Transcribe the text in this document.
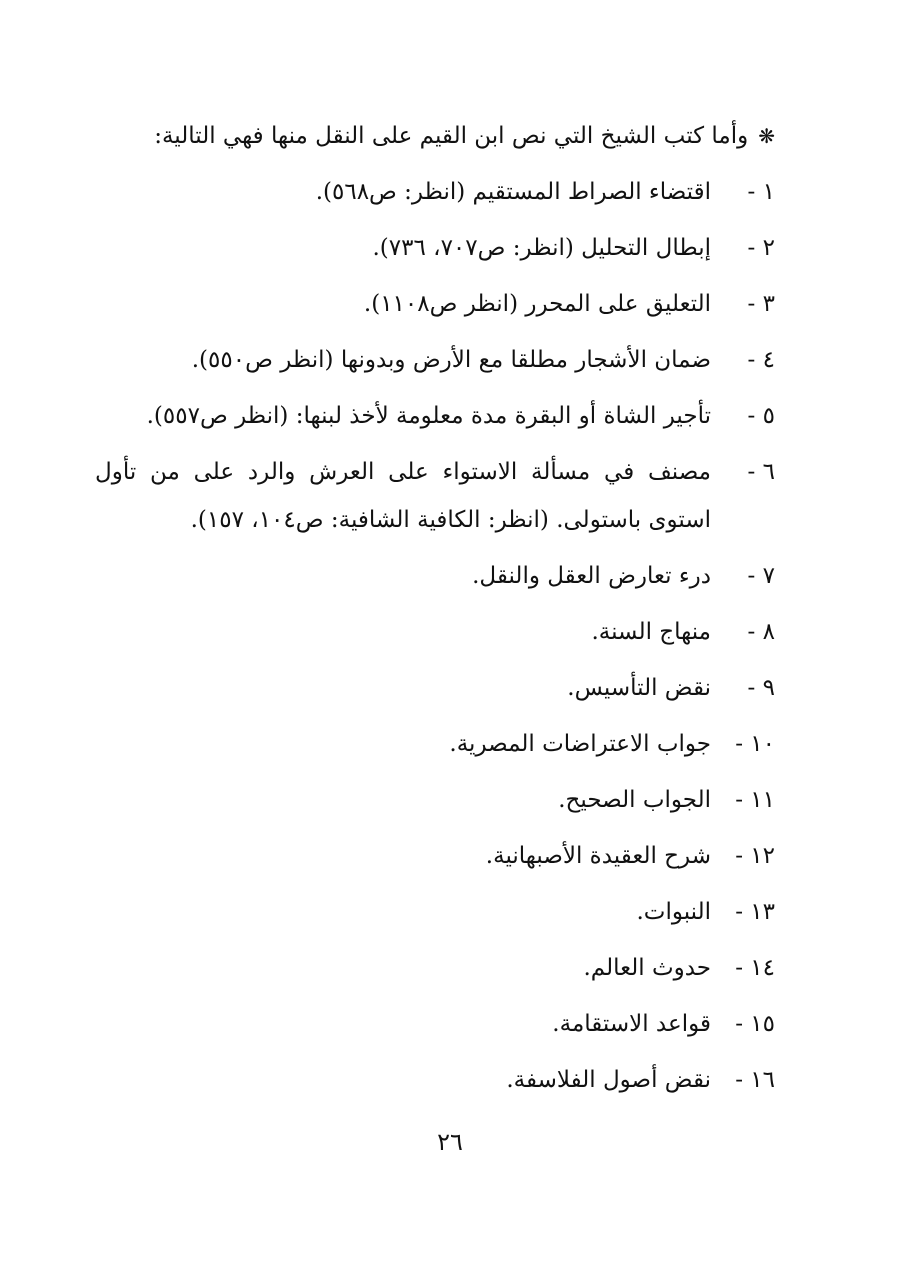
❋وأما كتب الشيخ التي نص ابن القيم على النقل منها فهي التالية:
١ -
اقتضاء الصراط المستقيم (انظر: ص٥٦٨).
٢ -
إبطال التحليل (انظر: ص٧٠٧، ٧٣٦).
٣ -
التعليق على المحرر (انظر ص١١٠٨).
٤ -
ضمان الأشجار مطلقا مع الأرض وبدونها (انظر ص٥٥٠).
٥ -
تأجير الشاة أو البقرة مدة معلومة لأخذ لبنها: (انظر ص٥٥٧).
٦ -
مصنف في مسألة الاستواء على العرش والرد على من تأول استوى باستولى. (انظر: الكافية الشافية: ص١٠٤، ١٥٧).
٧ -
درء تعارض العقل والنقل.
٨ -
منهاج السنة.
٩ -
نقض التأسيس.
١٠ -
جواب الاعتراضات المصرية.
١١ -
الجواب الصحيح.
١٢ -
شرح العقيدة الأصبهانية.
١٣ -
النبوات.
١٤ -
حدوث العالم.
١٥ -
قواعد الاستقامة.
١٦ -
نقض أصول الفلاسفة.
٢٦
